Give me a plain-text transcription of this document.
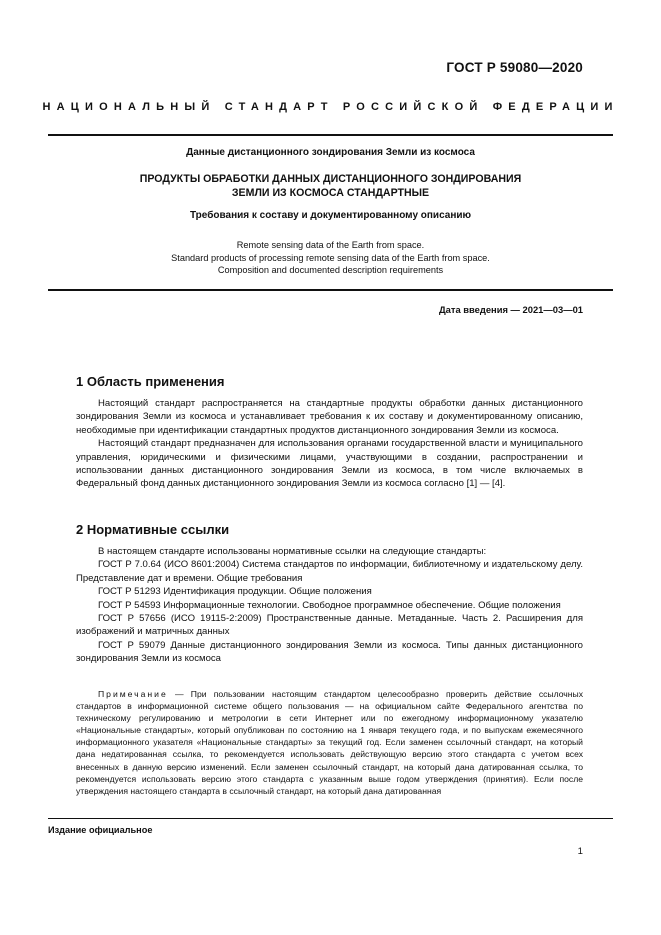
ГОСТ Р 59080—2020
НАЦИОНАЛЬНЫЙ СТАНДАРТ РОССИЙСКОЙ ФЕДЕРАЦИИ
Данные дистанционного зондирования Земли из космоса
ПРОДУКТЫ ОБРАБОТКИ ДАННЫХ ДИСТАНЦИОННОГО ЗОНДИРОВАНИЯ
ЗЕМЛИ ИЗ КОСМОСА СТАНДАРТНЫЕ
Требования к составу и документированному описанию
Remote sensing data of the Earth from space.
Standard products of processing remote sensing data of the Earth from space.
Composition and documented description requirements
Дата введения — 2021—03—01
1 Область применения

Настоящий стандарт распространяется на стандартные продукты обработки данных дистанционного зондирования Земли из космоса и устанавливает требования к их составу и документированному описанию, необходимые при идентификации стандартных продуктов дистанционного зондирования Земли из космоса.

Настоящий стандарт предназначен для использования органами государственной власти и муниципального управления, юридическими и физическими лицами, участвующими в создании, распространении и использовании данных дистанционного зондирования Земли из космоса, в том числе включаемых в Федеральный фонд данных дистанционного зондирования Земли из космоса согласно [1] — [4].

2 Нормативные ссылки

В настоящем стандарте использованы нормативные ссылки на следующие стандарты:

ГОСТ Р 7.0.64 (ИСО 8601:2004) Система стандартов по информации, библиотечному и издательскому делу. Представление дат и времени. Общие требования

ГОСТ Р 51293 Идентификация продукции. Общие положения

ГОСТ Р 54593 Информационные технологии. Свободное программное обеспечение. Общие положения

ГОСТ Р 57656 (ИСО 19115-2:2009) Пространственные данные. Метаданные. Часть 2. Расширения для изображений и матричных данных

ГОСТ Р 59079 Данные дистанционного зондирования Земли из космоса. Типы данных дистанционного зондирования Земли из космоса

Примечание — При пользовании настоящим стандартом целесообразно проверить действие ссылочных стандартов в информационной системе общего пользования — на официальном сайте Федерального агентства по техническому регулированию и метрологии в сети Интернет или по ежегодному информационному указателю «Национальные стандарты», который опубликован по состоянию на 1 января текущего года, и по выпускам ежемесячного информационного указателя «Национальные стандарты» за текущий год. Если заменен ссылочный стандарт, на который дана недатированная ссылка, то рекомендуется использовать действующую версию этого стандарта с учетом всех внесенных в данную версию изменений. Если заменен ссылочный стандарт, на который дана датированная ссылка, то рекомендуется использовать версию этого стандарта с указанным выше годом утверждения (принятия). Если после утверждения настоящего стандарта в ссылочный стандарт, на который дана датированная

Издание официальное
1
